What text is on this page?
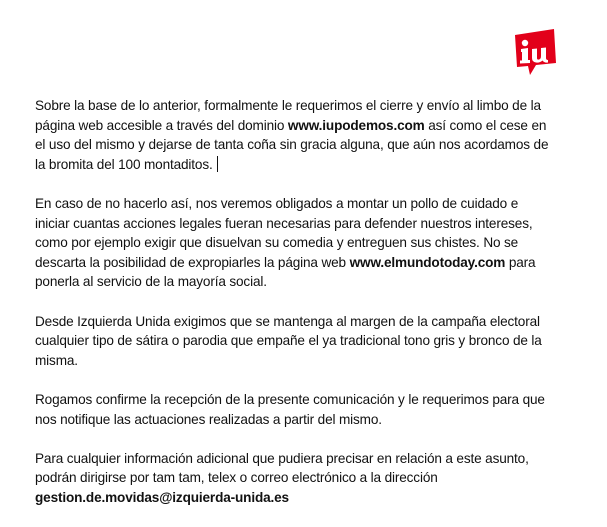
Sobre la base de lo anterior, formalmente le requerimos el cierre y envío al limbo de la
página web accesible a través del dominio www.iupodemos.com así como el cese en
el uso del mismo y dejarse de tanta coña sin gracia alguna, que aún nos acordamos de
la bromita del 100 montaditos.
En caso de no hacerlo así, nos veremos obligados a montar un pollo de cuidado e
iniciar cuantas acciones legales fueran necesarias para defender nuestros intereses,
como por ejemplo exigir que disuelvan su comedia y entreguen sus chistes. No se
descarta la posibilidad de expropiarles la página web www.elmundotoday.com para
ponerla al servicio de la mayoría social.
Desde Izquierda Unida exigimos que se mantenga al margen de la campaña electoral
cualquier tipo de sátira o parodia que empañe el ya tradicional tono gris y bronco de la
misma.
Rogamos confirme la recepción de la presente comunicación y le requerimos para que
nos notifique las actuaciones realizadas a partir del mismo.
Para cualquier información adicional que pudiera precisar en relación a este asunto,
podrán dirigirse por tam tam, telex o correo electrónico a la dirección
gestion.de.movidas@izquierda-unida.es
